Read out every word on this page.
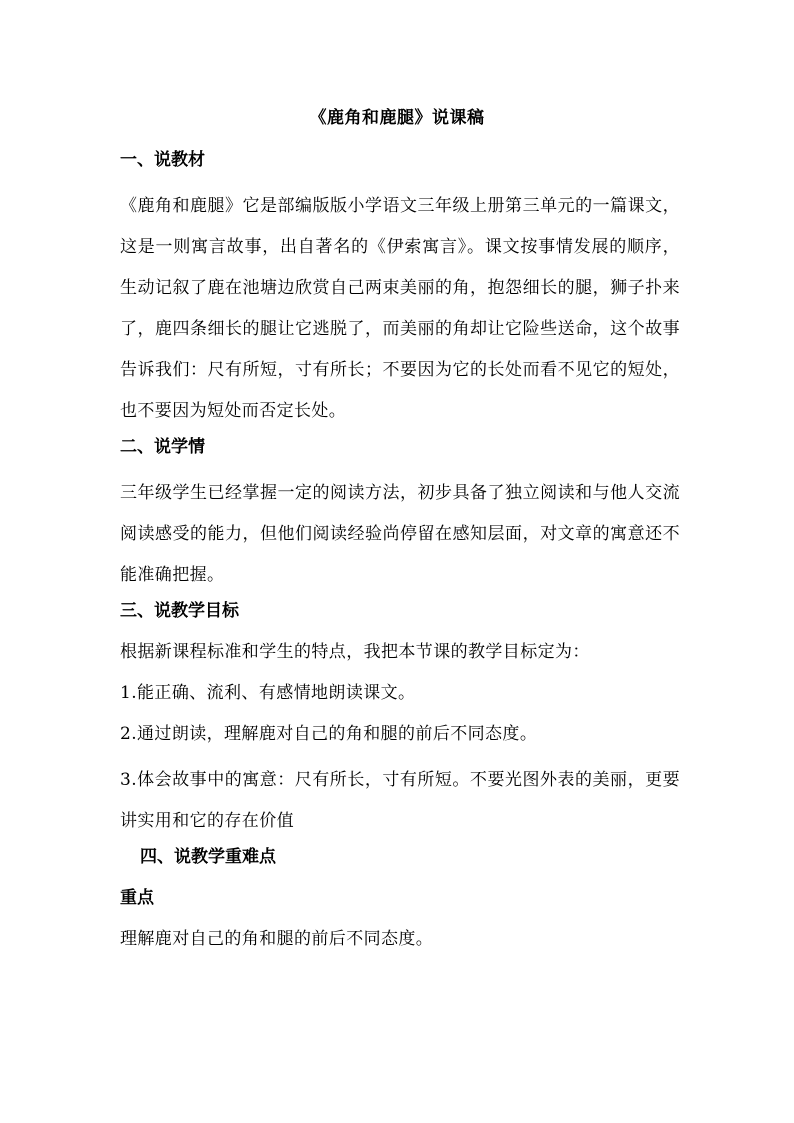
《鹿角和鹿腿》说课稿
一、说教材

《鹿角和鹿腿》它是部编版版小学语文三年级上册第三单元的一篇课文，这是一则寓言故事，出自著名的《伊索寓言》。课文按事情发展的顺序，生动记叙了鹿在池塘边欣赏自己两束美丽的角，抱怨细长的腿，狮子扑来了，鹿四条细长的腿让它逃脱了，而美丽的角却让它险些送命，这个故事告诉我们：尺有所短，寸有所长；不要因为它的长处而看不见它的短处，也不要因为短处而否定长处。

二、说学情

三年级学生已经掌握一定的阅读方法，初步具备了独立阅读和与他人交流阅读感受的能力，但他们阅读经验尚停留在感知层面，对文章的寓意还不能准确把握。

三、说教学目标
根据新课程标准和学生的特点，我把本节课的教学目标定为：
1.能正确、流利、有感情地朗读课文。
2.通过朗读，理解鹿对自己的角和腿的前后不同态度。

3.体会故事中的寓意：尺有所长，寸有所短。不要光图外表的美丽，更要讲实用和它的存在价值

四、说教学重难点
重点
理解鹿对自己的角和腿的前后不同态度。
